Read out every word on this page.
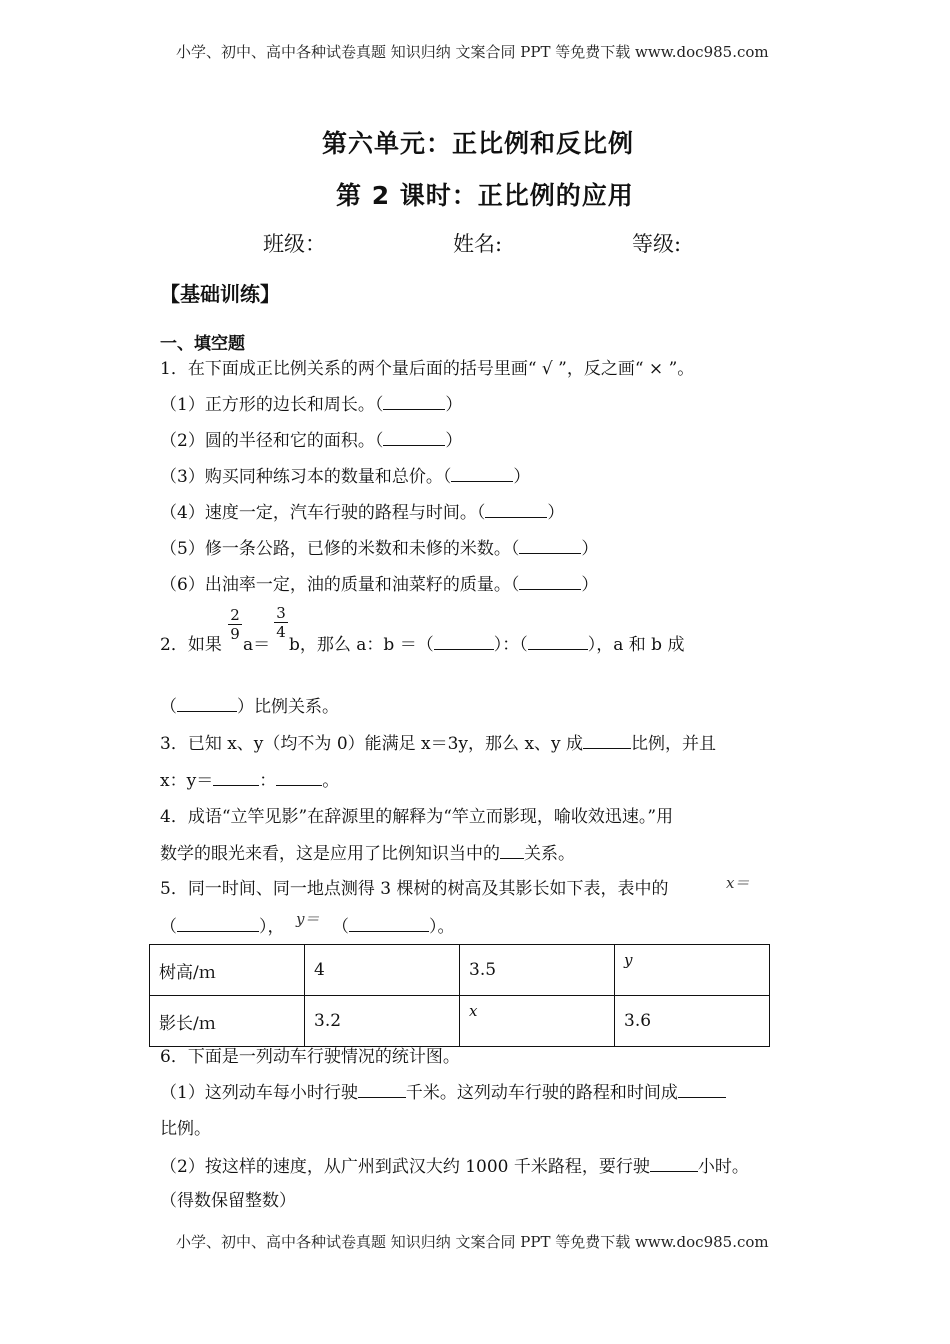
小学、初中、高中各种试卷真题 知识归纳 文案合同 PPT 等免费下载 www.doc985.com
第六单元：正比例和反比例
第 2 课时：正比例的应用
班级：	姓名:	等级:
【基础训练】
一、填空题
1．在下面成正比例关系的两个量后面的括号里画“ √ ”，反之画“ × ”。
（1）正方形的边长和周长。（	）
（2）圆的半径和它的面积。（	）
（3）购买同种练习本的数量和总价。（	）
（4）速度一定，汽车行驶的路程与时间。（	）
（5）修一条公路，已修的米数和未修的米数。（	）
（6）出油率一定，油的质量和油菜籽的质量。（	）
$\frac{2}{9} \frac{3}{4}$
2．如果 a＝ b，那么 a：b ＝（	）：（	），a 和 b 成
（	）比例关系。
3．已知 x、y（均不为 0）能满足 x＝3y，那么 x、y 成	比例，并且
x：y＝	：	。
4．成语“立竿见影”在辞源里的解释为“竿立而影现，喻收效迅速。”用
数学的眼光来看，这是应用了比例知识当中的 关系。
5．同一时间、同一地点测得 3 棵树的树高及其影长如下表，表中的	x＝
（	）， y＝ （	）。
树高/ｍ	4	3.5	y
影长/ｍ	3.2	x	3.6
6．下面是一列动车行驶情况的统计图。
（1）这列动车每小时行驶	千米。这列动车行驶的路程和时间成
比例。
（2）按这样的速度，从广州到武汉大约 1000 千米路程，要行驶	小时。
（得数保留整数）
小学、初中、高中各种试卷真题 知识归纳 文案合同 PPT 等免费下载 www.doc985.com
